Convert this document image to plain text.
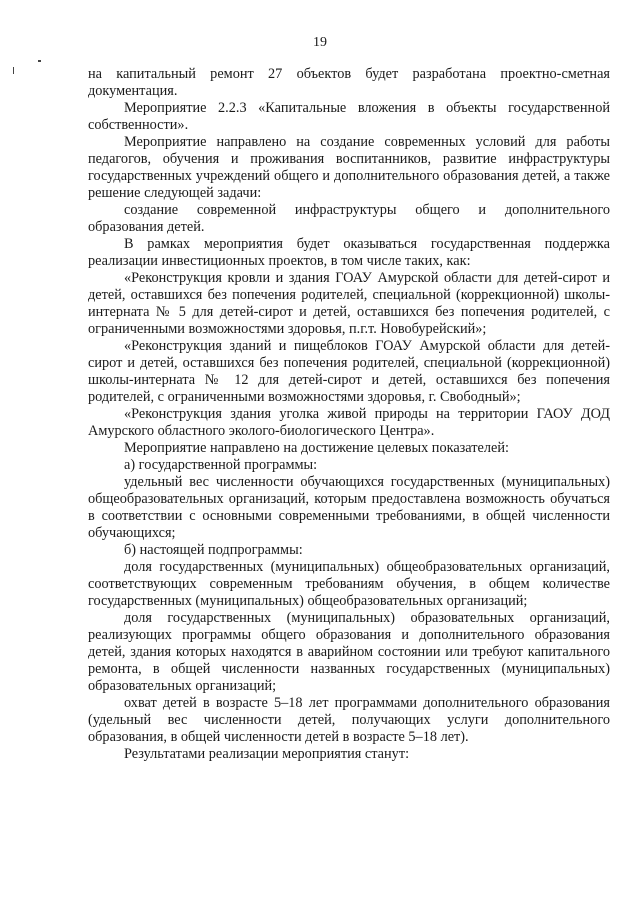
19

на капитальный ремонт 27 объектов будет разработана проектно-сметная документация.

Мероприятие 2.2.3 «Капитальные вложения в объекты государственной собственности».

Мероприятие направлено на создание современных условий для работы педагогов, обучения и проживания воспитанников, развитие инфраструктуры государственных учреждений общего и дополнительного образования детей, а также решение следующей задачи:

создание современной инфраструктуры общего и дополнительного образования детей.

В рамках мероприятия будет оказываться государственная поддержка реализации инвестиционных проектов, в том числе таких, как:

«Реконструкция кровли и здания ГОАУ Амурской области для детей-сирот и детей, оставшихся без попечения родителей, специальной (коррекционной) школы-интерната № 5 для детей-сирот и детей, оставшихся без попечения родителей, с ограниченными возможностями здоровья, п.г.т. Новобурейский»;

«Реконструкция зданий и пищеблоков ГОАУ Амурской области для детей-сирот и детей, оставшихся без попечения родителей, специальной (коррекционной) школы-интерната № 12 для детей-сирот и детей, оставшихся без попечения родителей, с ограниченными возможностями здоровья, г. Свободный»;

«Реконструкция здания уголка живой природы на территории ГАОУ ДОД Амурского областного эколого-биологического Центра».

Мероприятие направлено на достижение целевых показателей:

а) государственной программы:

удельный вес численности обучающихся государственных (муниципальных) общеобразовательных организаций, которым предоставлена возможность обучаться в соответствии с основными современными требованиями, в общей численности обучающихся;

б) настоящей подпрограммы:

доля государственных (муниципальных) общеобразовательных организаций, соответствующих современным требованиям обучения, в общем количестве государственных (муниципальных) общеобразовательных организаций;

доля государственных (муниципальных) образовательных организаций, реализующих программы общего образования и дополнительного образования детей, здания которых находятся в аварийном состоянии или требуют капитального ремонта, в общей численности названных государственных (муниципальных) образовательных организаций;

охват детей в возрасте 5–18 лет программами дополнительного образования (удельный вес численности детей, получающих услуги дополнительного образования, в общей численности детей в возрасте 5–18 лет).

Результатами реализации мероприятия станут:
